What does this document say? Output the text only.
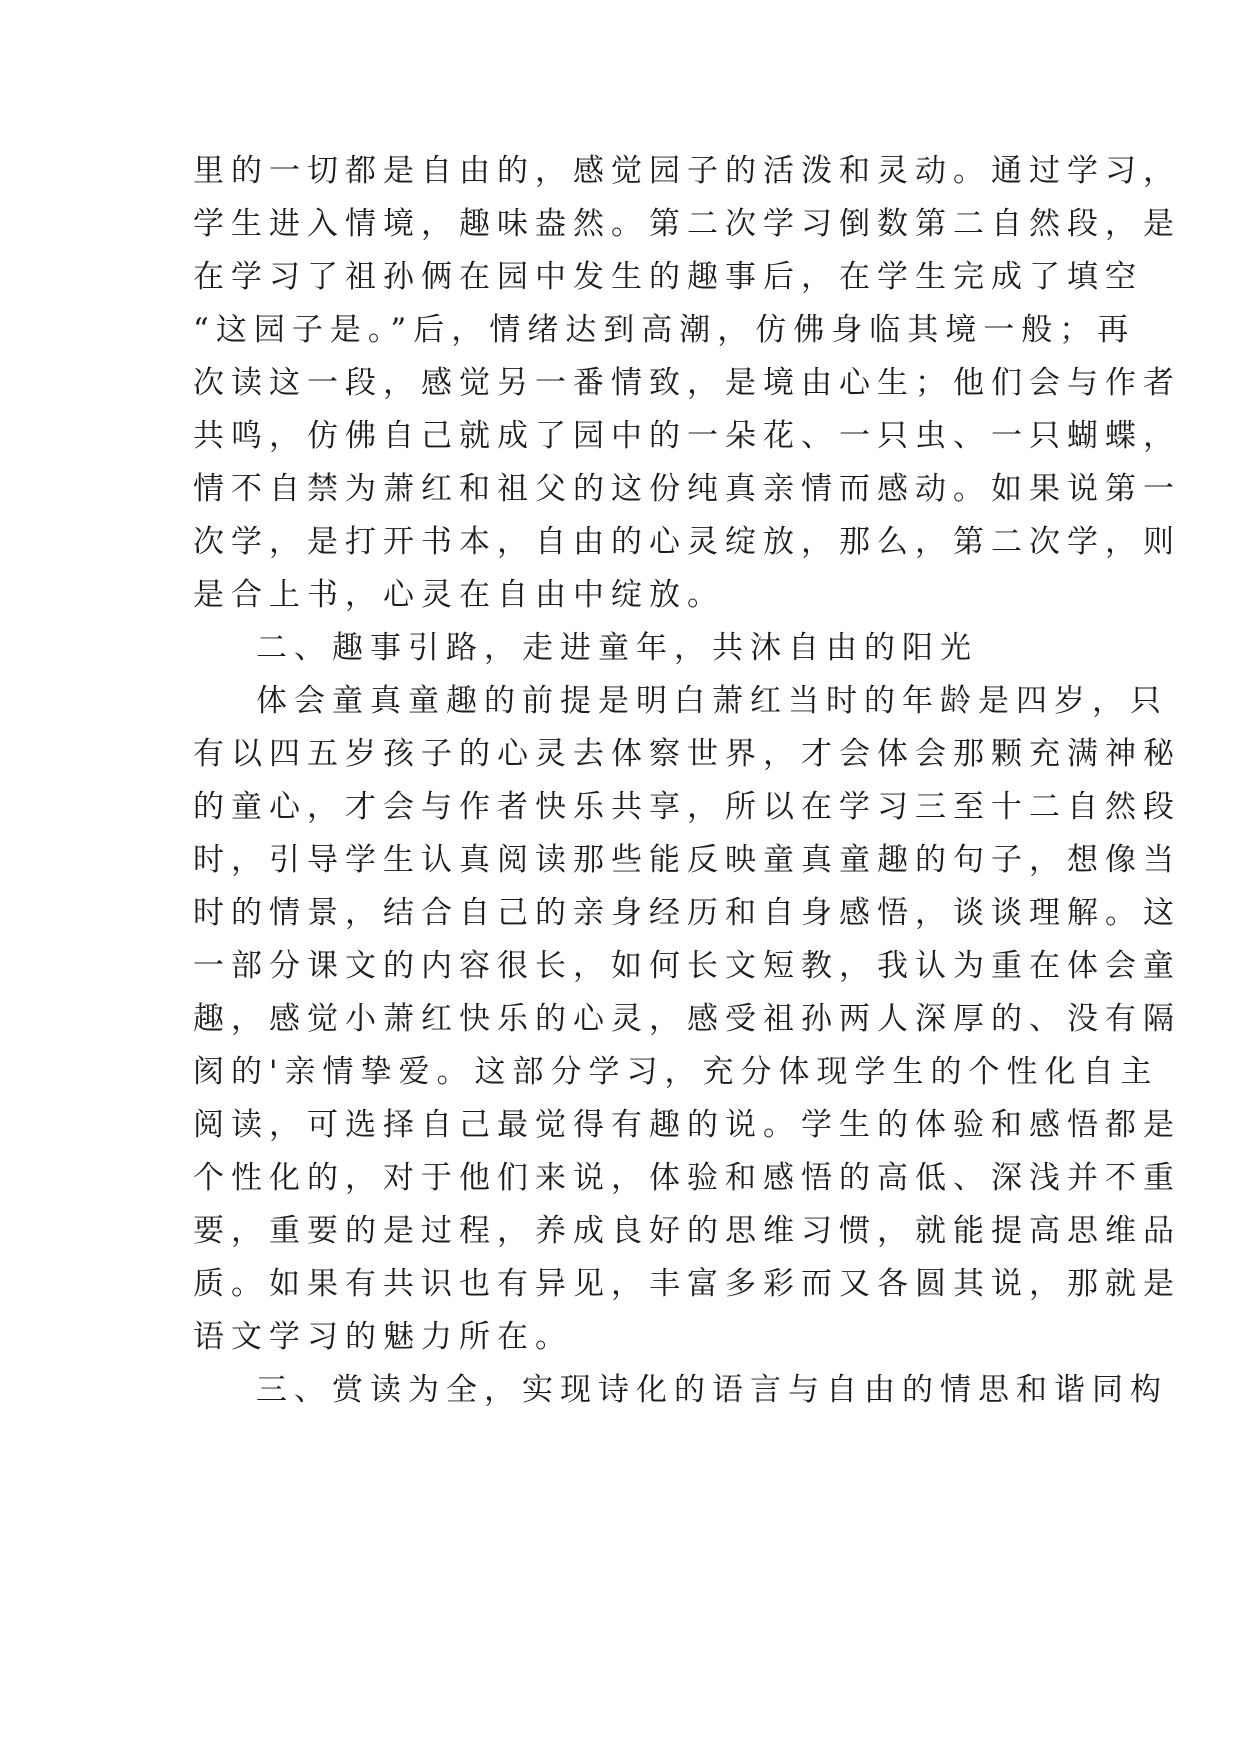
里的一切都是自由的，感觉园子的活泼和灵动。通过学习，
学生进入情境，趣味盎然。第二次学习倒数第二自然段，是
在学习了祖孙俩在园中发生的趣事后，在学生完成了填空
“这园子是。”后，情绪达到高潮，仿佛身临其境一般；再
次读这一段，感觉另一番情致，是境由心生；他们会与作者
共鸣，仿佛自己就成了园中的一朵花、一只虫、一只蝴蝶，
情不自禁为萧红和祖父的这份纯真亲情而感动。如果说第一
次学，是打开书本，自由的心灵绽放，那么，第二次学，则
是合上书，心灵在自由中绽放。
二、趣事引路，走进童年，共沐自由的阳光
体会童真童趣的前提是明白萧红当时的年龄是四岁，只
有以四五岁孩子的心灵去体察世界，才会体会那颗充满神秘
的童心，才会与作者快乐共享，所以在学习三至十二自然段
时，引导学生认真阅读那些能反映童真童趣的句子，想像当
时的情景，结合自己的亲身经历和自身感悟，谈谈理解。这
一部分课文的内容很长，如何长文短教，我认为重在体会童
趣，感觉小萧红快乐的心灵，感受祖孙两人深厚的、没有隔
阂的'亲情挚爱。这部分学习，充分体现学生的个性化自主
阅读，可选择自己最觉得有趣的说。学生的体验和感悟都是
个性化的，对于他们来说，体验和感悟的高低、深浅并不重
要，重要的是过程，养成良好的思维习惯，就能提高思维品
质。如果有共识也有异见，丰富多彩而又各圆其说，那就是
语文学习的魅力所在。
三、赏读为全，实现诗化的语言与自由的情思和谐同构
